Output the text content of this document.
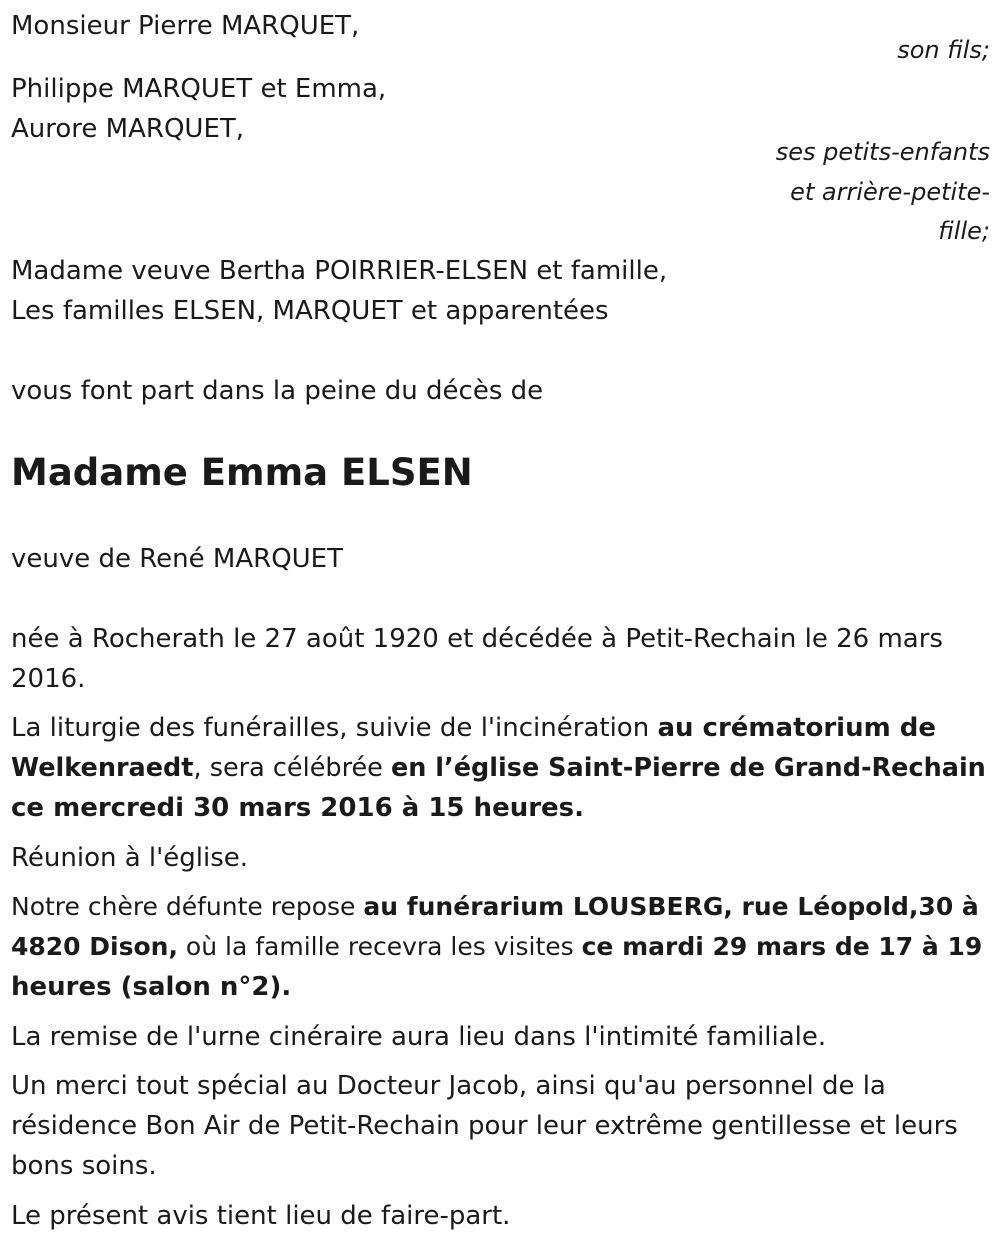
Monsieur Pierre MARQUET,

son fils;

Philippe MARQUET et Emma,

Aurore MARQUET,

ses petits-enfants

et arrière-petite-

fille;

Madame veuve Bertha POIRRIER-ELSEN et famille,

Les familles ELSEN, MARQUET et apparentées

vous font part dans la peine du décès de

Madame Emma ELSEN

veuve de René MARQUET

née à Rocherath le 27 août 1920 et décédée à Petit-Rechain le 26 mars

2016.

La liturgie des funérailles, suivie de l'incinération au crématorium de

Welkenraedt, sera célébrée en l’église Saint-Pierre de Grand-Rechain

ce mercredi 30 mars 2016 à 15 heures.

Réunion à l'église.

Notre chère défunte repose au funérarium LOUSBERG, rue Léopold,30 à

4820 Dison, où la famille recevra les visites ce mardi 29 mars de 17 à 19

heures (salon n°2).

La remise de l'urne cinéraire aura lieu dans l'intimité familiale.

Un merci tout spécial au Docteur Jacob, ainsi qu'au personnel de la

résidence Bon Air de Petit-Rechain pour leur extrême gentillesse et leurs

bons soins.

Le présent avis tient lieu de faire-part.
